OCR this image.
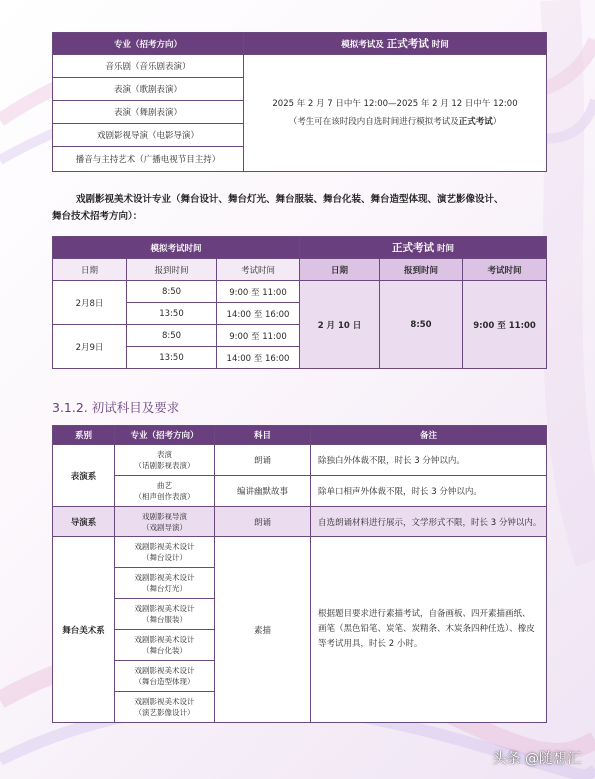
专业（招考方向）	模拟考试及 正式考试 时间
音乐剧（音乐剧表演）	2025 年 2 月 7 日中午 12:00—2025 年 2 月 12 日中午 12:00
（考生可在该时段内自选时间进行模拟考试及正式考试）

表演（歌剧表演）	
表演（舞剧表演）	
戏剧影视导演（电影导演）	
播音与主持艺术（广播电视节目主持）	

戏剧影视美术设计专业（舞台设计、舞台灯光、舞台服装、舞台化装、舞台造型体现、演艺影像设计、
舞台技术招考方向）：

模拟考试时间			正式考试 时间		
日期	报到时间	考试时间	日期	报到时间	考试时间
2月8日	8:50	9:00 至 11:00	2 月 10 日	8:50	9:00 至 11:00
	13:50	14:00 至 16:00			
2月9日	8:50	9:00 至 11:00			
	13:50	14:00 至 16:00			
3.1.2. 初试科目及要求
系别	专业（招考方向）	科目	备注
表演系	表演
（话剧影视表演）	朗诵	除独白外体裁不限，时长 3 分钟以内。

	曲艺
（相声创作表演）	编讲幽默故事	除单口相声外体裁不限，时长 3 分钟以内。
导演系	戏剧影视导演
（戏剧导演）	朗诵	自选朗诵材料进行展示，文学形式不限，时长 3 分钟以内。
舞台美术系	戏剧影视美术设计
（舞台设计）	素描	根据题目要求进行素描考试，自备画板、四开素描画纸、画笔（黑色铅笔、炭笔、炭精条、木炭条四种任选）、橡皮等考试用具，时长 2 小时。

	戏剧影视美术设计
（舞台灯光）		

	戏剧影视美术设计
（舞台服装）		

	戏剧影视美术设计
（舞台化装）		

	戏剧影视美术设计
（舞台造型体现）		

	戏剧影视美术设计
（演艺影像设计）		
头条 @随想汇
